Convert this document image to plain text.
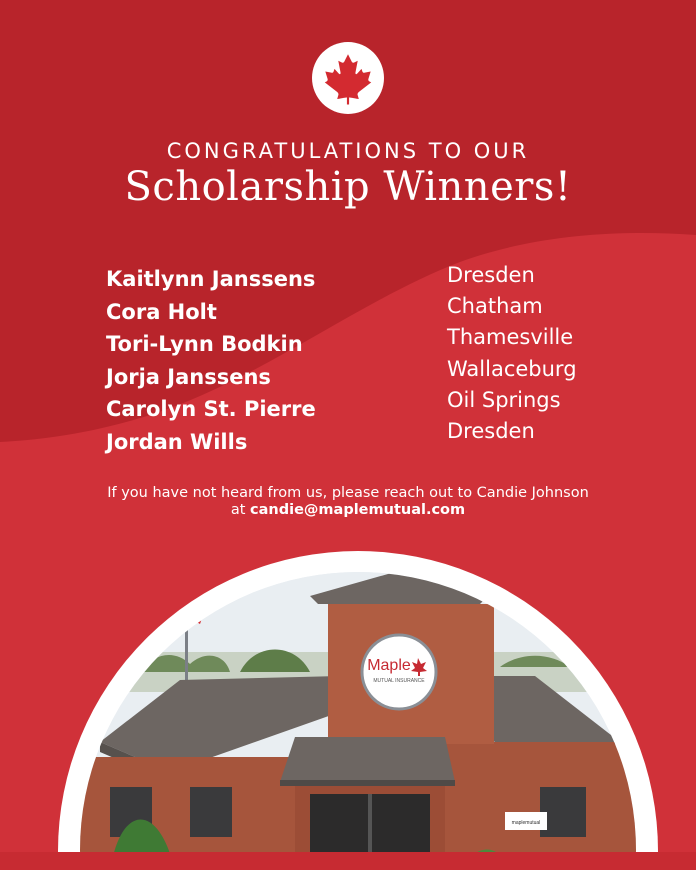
CONGRATULATIONS TO OUR
Scholarship Winners!
Kaitlynn Janssens
Cora Holt
Tori-Lynn Bodkin
Jorja Janssens
Carolyn St. Pierre
Jordan Wills
Dresden
Chatham
Thamesville
Wallaceburg
Oil Springs
Dresden
If you have not heard from us, please reach out to Candie Johnson
at candie@maplemutual.com
Maple
MUTUAL INSURANCE
maplemutual
